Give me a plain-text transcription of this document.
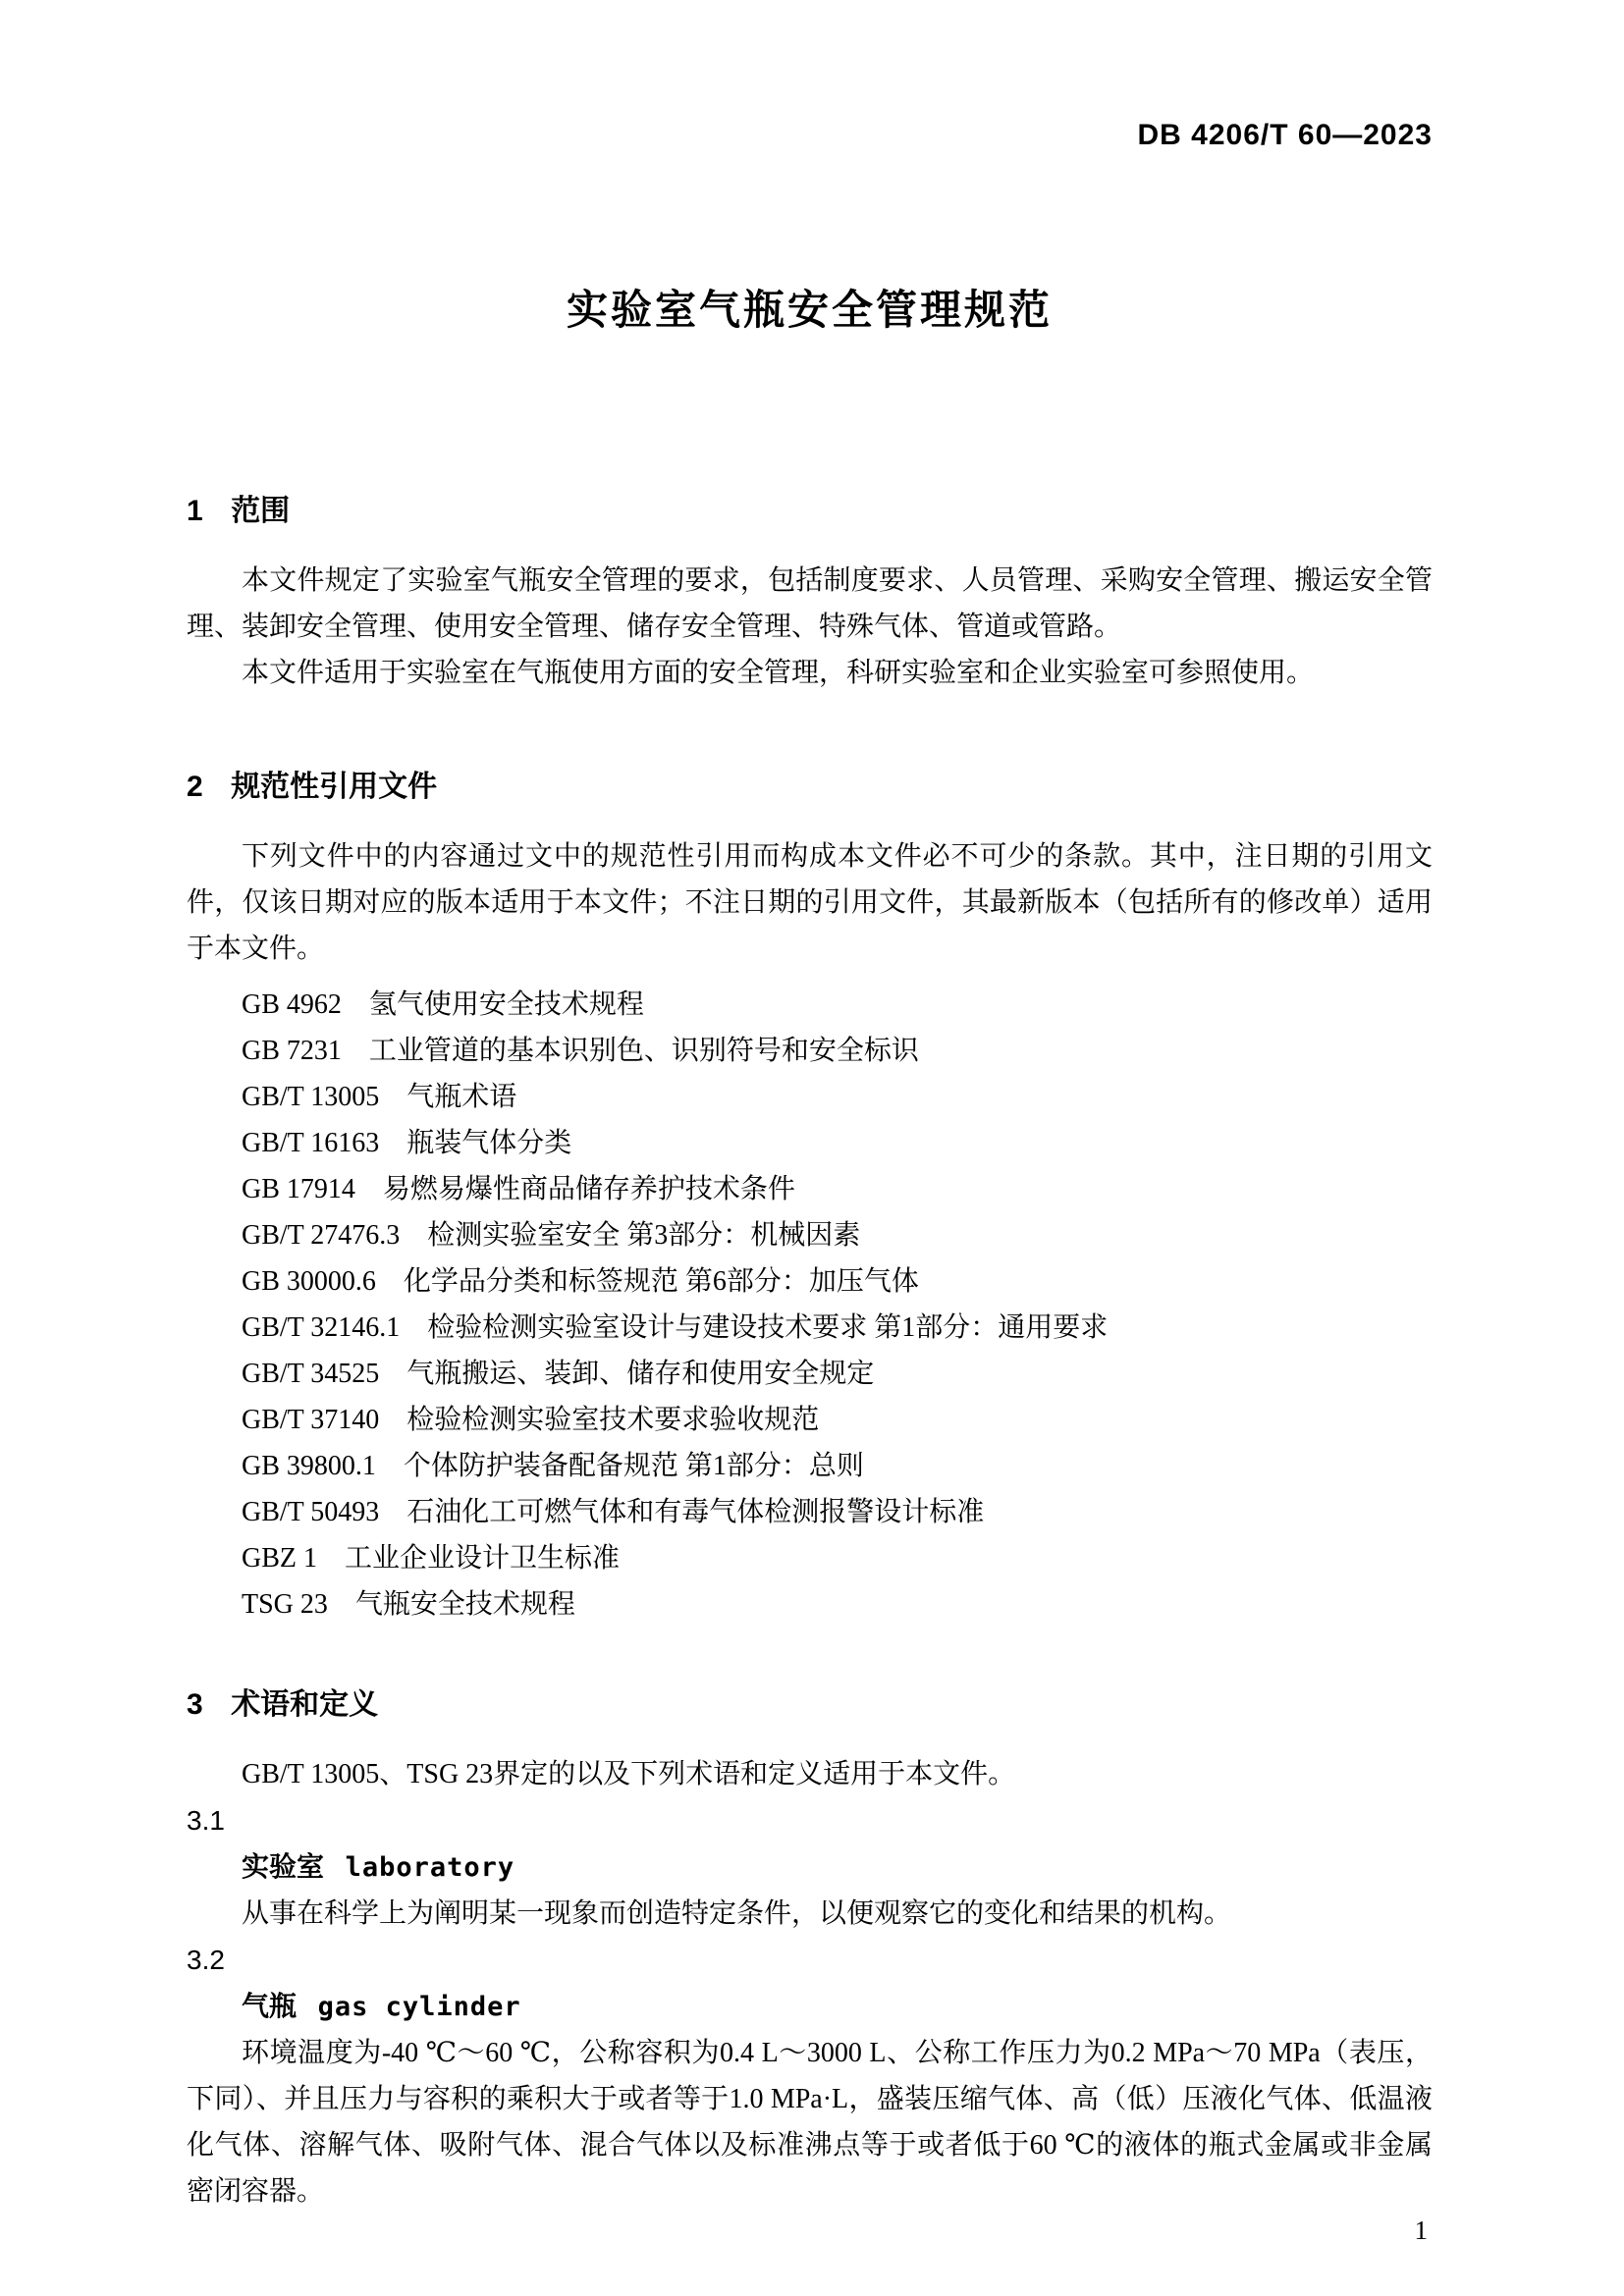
DB 4206/T 60—2023
实验室气瓶安全管理规范
1 范围

本文件规定了实验室气瓶安全管理的要求，包括制度要求、人员管理、采购安全管理、搬运安全管理、装卸安全管理、使用安全管理、储存安全管理、特殊气体、管道或管路。

本文件适用于实验室在气瓶使用方面的安全管理，科研实验室和企业实验室可参照使用。

2 规范性引用文件

下列文件中的内容通过文中的规范性引用而构成本文件必不可少的条款。其中，注日期的引用文件，仅该日期对应的版本适用于本文件；不注日期的引用文件，其最新版本（包括所有的修改单）适用于本文件。

GB 4962 氢气使用安全技术规程
GB 7231 工业管道的基本识别色、识别符号和安全标识
GB/T 13005 气瓶术语
GB/T 16163 瓶装气体分类
GB 17914 易燃易爆性商品储存养护技术条件
GB/T 27476.3 检测实验室安全 第3部分：机械因素
GB 30000.6 化学品分类和标签规范 第6部分：加压气体
GB/T 32146.1 检验检测实验室设计与建设技术要求 第1部分：通用要求
GB/T 34525 气瓶搬运、装卸、储存和使用安全规定
GB/T 37140 检验检测实验室技术要求验收规范
GB 39800.1 个体防护装备配备规范 第1部分：总则
GB/T 50493 石油化工可燃气体和有毒气体检测报警设计标准
GBZ 1 工业企业设计卫生标准
TSG 23 气瓶安全技术规程
3 术语和定义

GB/T 13005、TSG 23界定的以及下列术语和定义适用于本文件。

3.1
实验室 laboratory

从事在科学上为阐明某一现象而创造特定条件，以便观察它的变化和结果的机构。

3.2
气瓶 gas cylinder

环境温度为-40 ℃～60 ℃，公称容积为0.4 L～3000 L、公称工作压力为0.2 MPa～70 MPa（表压，下同）、并且压力与容积的乘积大于或者等于1.0 MPa·L，盛装压缩气体、高（低）压液化气体、低温液化气体、溶解气体、吸附气体、混合气体以及标准沸点等于或者低于60 ℃的液体的瓶式金属或非金属密闭容器。

1
